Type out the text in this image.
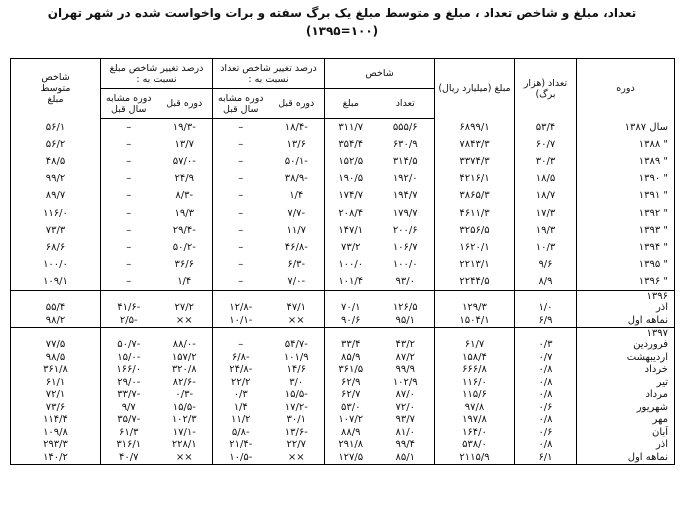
تعداد، مبلغ و شاخص تعداد ، مبلغ و متوسط مبلغ یک برگ سفته و برات واخواست شده در شهر تهران
(۱۰۰=۱۳۹۵)
دوره	تعداد (هزار برگ)	مبلغ (میلیارد ریال)	شاخص		درصد تغییر شاخص تعداد نسبت به :		درصد تغییر شاخص مبلغ نسبت به :		شاخص متوسط مبلغ
			تعداد	مبلغ	دوره قبل	دوره مشابه سال قبل	دوره قبل	دوره مشابه سال قبل	
سال ۱۳۸۷	۵۳/۴	۶۸۹۹/۱	۵۵۵/۶	۳۱۱/۷	-۱۸/۴	–	-۱۹/۳	–	۵۶/۱
" ۱۳۸۸	۶۰/۷	۷۸۴۳/۳	۶۳۰/۹	۳۵۴/۴	۱۳/۶	–	۱۳/۷	–	۵۶/۲
" ۱۳۸۹	۳۰/۳	۳۳۷۴/۳	۳۱۴/۵	۱۵۲/۵	-۵۰/۱	–	-۵۷/۰	–	۴۸/۵
" ۱۳۹۰	۱۸/۵	۴۲۱۶/۱	۱۹۲/۰	۱۹۰/۵	-۳۸/۹	–	۲۴/۹	–	۹۹/۲
" ۱۳۹۱	۱۸/۷	۳۸۶۵/۳	۱۹۴/۷	۱۷۴/۷	۱/۴	–	-۸/۳	–	۸۹/۷
" ۱۳۹۲	۱۷/۳	۴۶۱۱/۳	۱۷۹/۷	۲۰۸/۴	-۷/۷	–	۱۹/۳	–	۱۱۶/۰
" ۱۳۹۳	۱۹/۳	۳۲۵۶/۵	۲۰۰/۶	۱۴۷/۱	۱۱/۷	–	-۲۹/۴	–	۷۳/۳
" ۱۳۹۴	۱۰/۳	۱۶۲۰/۱	۱۰۶/۷	۷۳/۲	-۴۶/۸	–	-۵۰/۲	–	۶۸/۶
" ۱۳۹۵	۹/۶	۲۲۱۳/۱	۱۰۰/۰	۱۰۰/۰	-۶/۳	–	۳۶/۶	–	۱۰۰/۰
" ۱۳۹۶	۸/۹	۲۲۴۴/۵	۹۳/۰	۱۰۱/۴	-۷/۰	–	۱/۴	–	۱۰۹/۱
۱۳۹۶									
آذر	۱/۰	۱۲۹/۳	۱۲۶/۵	۷۰/۱	۴۷/۱	-۱۲/۸	۲۷/۲	-۴۱/۶	۵۵/۴
نماهه اول	۶/۹	۱۵۰۴/۱	۹۵/۱	۹۰/۶	××	-۱۰/۱	××	-۲/۵	۹۸/۲
۱۳۹۷									
فروردین	۰/۳	۶۱/۷	۴۳/۲	۳۳/۴	-۵۴/۷	–	-۸۸/۰	-۵۰/۷	۷۷/۵
اردیبهشت	۰/۷	۱۵۸/۴	۸۷/۲	۸۵/۹	۱۰۱/۹	-۶/۸	۱۵۷/۲	-۱۵/۰	۹۸/۵
خرداد	۰/۸	۶۶۶/۸	۹۹/۹	۳۶۱/۵	۱۴/۶	-۲۴/۸	۳۲۰/۸	۱۶۶/۰	۳۶۱/۸
تیر	۰/۸	۱۱۶/۰	۱۰۲/۹	۶۲/۹	۳/۰	۲۲/۲	-۸۲/۶	-۲۹/۰	۶۱/۱
مرداد	۰/۸	۱۱۵/۶	۸۷/۰	۶۲/۷	-۱۵/۵	۰/۳	-۰/۳	-۳۳/۷	۷۲/۱
شهریور	۰/۶	۹۷/۸	۷۲/۰	۵۳/۰	-۱۷/۲	۱/۴	-۱۵/۵	۹/۷	۷۳/۶
مهر	۰/۸	۱۹۷/۸	۹۳/۷	۱۰۷/۲	۳۰/۱	۱۱/۲	۱۰۲/۳	-۳۵/۷	۱۱۴/۴
آبان	۰/۶	۱۶۴/۰	۸۱/۰	۸۸/۹	-۱۳/۶	-۵/۸	-۱۷/۱	۶۱/۳	۱۰۹/۸
آذر	۰/۸	۵۳۸/۰	۹۹/۴	۲۹۱/۸	۲۲/۷	-۲۱/۴	۲۲۸/۱	۳۱۶/۱	۲۹۳/۳
نماهه اول	۶/۱	۲۱۱۵/۹	۸۵/۱	۱۲۷/۵	××	-۱۰/۵	××	۴۰/۷	۱۴۰/۲
